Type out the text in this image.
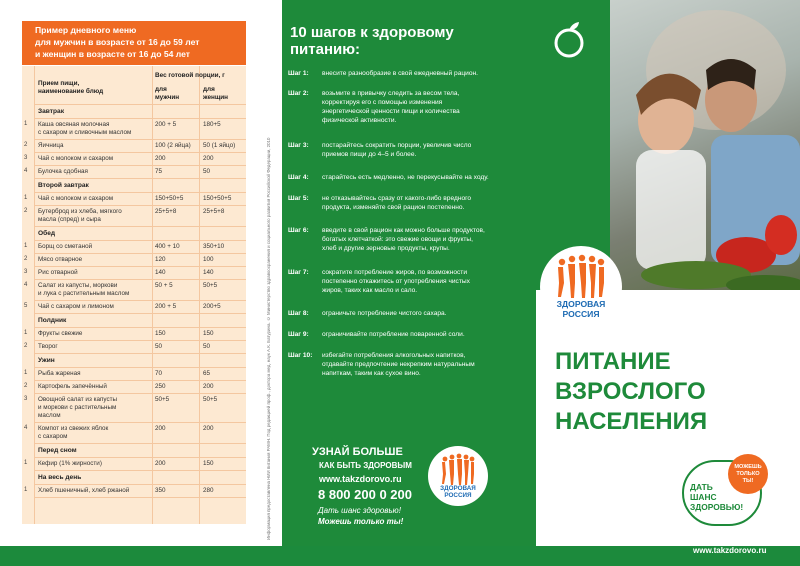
Пример дневного меню
для мужчин в возрасте от 16 до 59 лет
и женщин в возрасте от 16 до 54 лет
Прием пищи,
наименование блюд
Вес готовой порции, г
для
мужчин
для
женщин
Завтрак
1 Каша овсяная молочная
с сахаром и сливочным маслом
200 + 5	180+5
2 Яичница	100 (2 яйца) 50 (1 яйцо)
3 Чай с молоком и сахаром	200	200
4 Булочка сдобная	75	50
Второй завтрак
1 Чай с молоком и сахаром	150+50+5	150+50+5
2 Бутерброд из хлеба, мягкого
масла (спред) и сыра
25+5+8	25+5+8
Обед
1 Борщ со сметаной	400 + 10	350+10
2 Мясо отварное	120	100
3 Рис отварной	140	140
4 Салат из капусты, моркови
и лука с растительным маслом
50 + 5	50+5
5 Чай с сахаром и лимоном	200 + 5	200+5
Полдник
1 Фрукты свежие	150	150
2 Творог	50	50
Ужин
1 Рыба жареная	70	65
2 Картофель запечённый	250	200
3 Овощной салат из капусты
и моркови с растительным
маслом
50+5	50+5
4 Компот из свежих яблок
с сахаром
200	200
Перед сном
1 Кефир (1% жирности)	200	150
На весь день
1 Хлеб пшеничный, хлеб ржаной	350	280	Информация предоставлена НИИ питания РАМН. Под редакцией проф., доктора мед. наук А.К. Батурина. © Министерство здравоохранения и социального развития Российской Федерации, 2010
10 шагов к здоровому
питанию:
Шаг 1:	внесите разнообразие в свой ежедневный рацион.
Шаг 2:	возьмите в привычку следить за весом тела,
корректируя его с помощью изменения
энергетической ценности пищи и количества
физической активности.
Шаг 3:	постарайтесь сократить порции, увеличив число
приемов пищи до 4–5 и более.
Шаг 4:	старайтесь есть медленно, не перекусывайте на ходу.
Шаг 5:	не отказывайтесь сразу от какого-либо вредного
продукта, изменяйте свой рацион постепенно.
Шаг 6:	введите в свой рацион как можно больше продуктов,
богатых клетчаткой: это свежие овощи и фрукты,
хлеб и другие зерновые продукты, крупы.
Шаг 7:	сократите потребление жиров, по возможности
постепенно откажитесь от употребления чистых
жиров, таких как масло и сало.
Шаг 8:	ограничьте потребление чистого сахара.
Шаг 9:	ограничивайте потребление поваренной соли.
Шаг 10:	избегайте потребления алкогольных напитков,
отдавайте предпочтение некрепким натуральным
напиткам, таким как сухое вино.
УЗНАЙ БОЛЬШЕ
КАК БЫТЬ ЗДОРОВЫМ
www.takzdorovo.ru
8 800 200 0 200
Дать шанс здоровью!
Можешь только ты!
ЗДОРОВАЯ
РОССИЯ
ЗДОРОВАЯ
РОССИЯ
ПИТАНИЕ
ВЗРОСЛОГО
НАСЕЛЕНИЯ
МОЖЕШЬ
ТОЛЬКО
ТЫ!
ДАТЬ
ШАНС
ЗДОРОВЬЮ!
www.takzdorovo.ru
